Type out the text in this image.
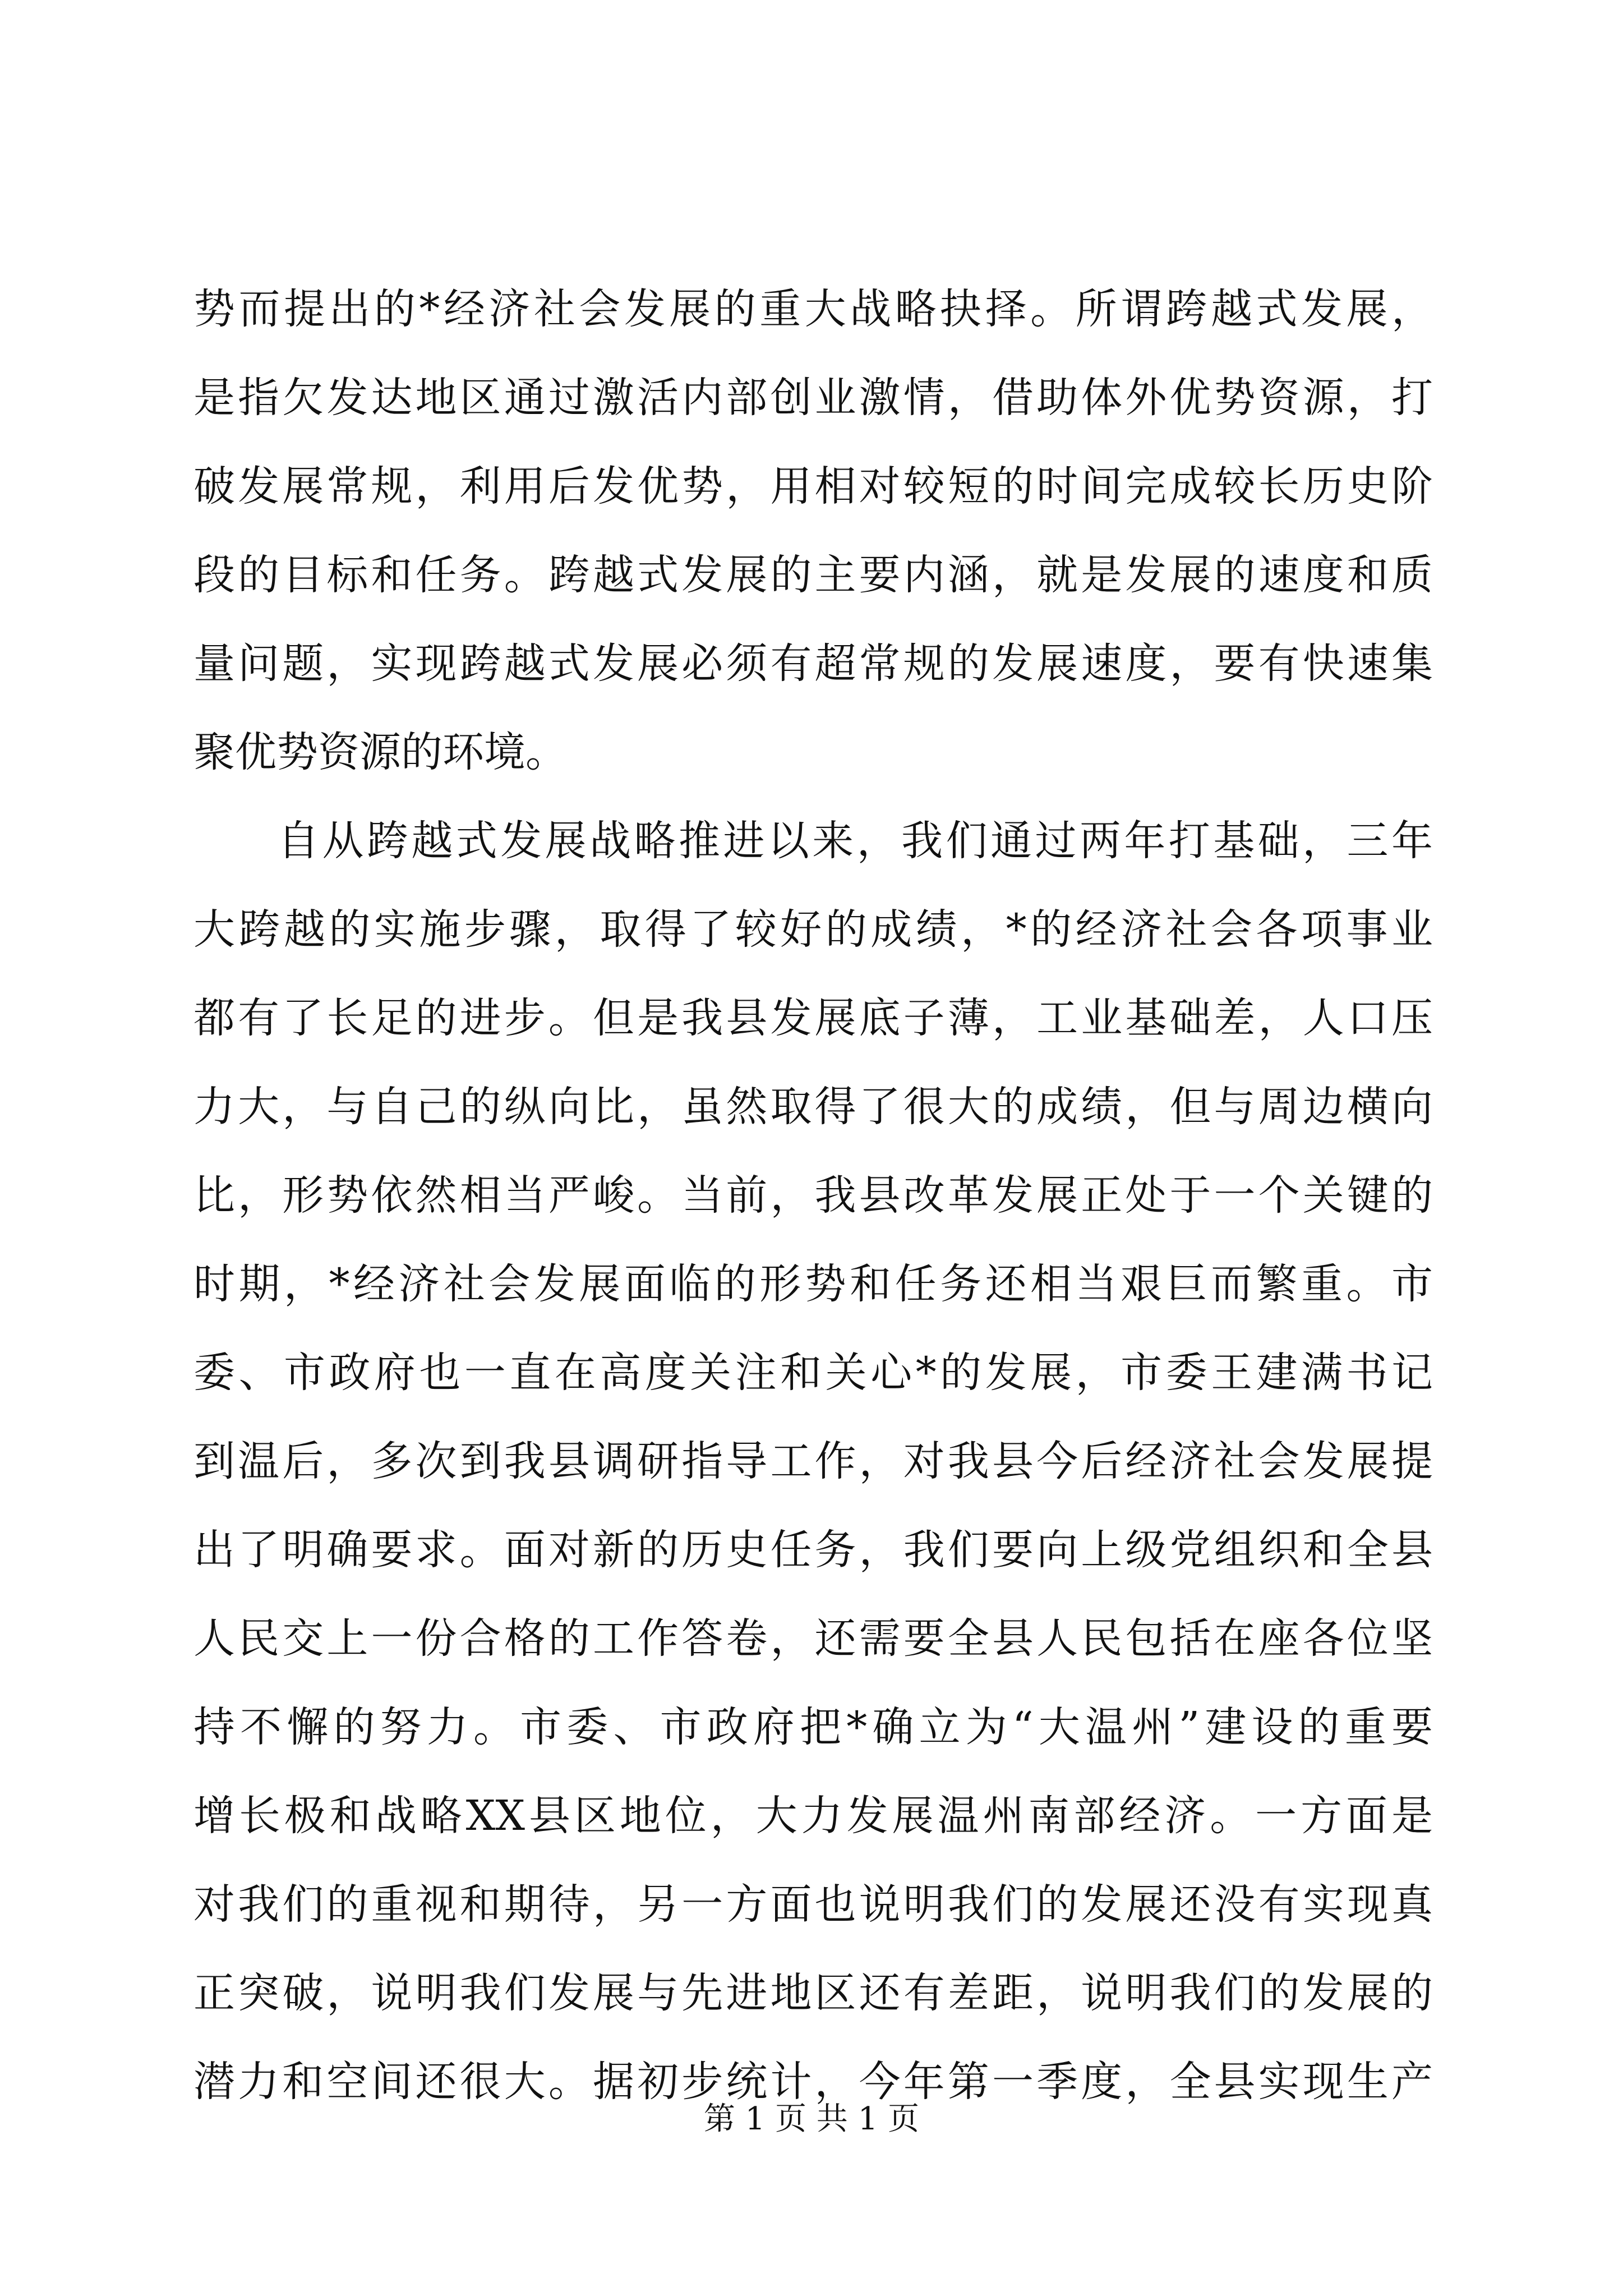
势而提出的*经济社会发展的重大战略抉择。所谓跨越式发展，
是指欠发达地区通过激活内部创业激情，借助体外优势资源，打
破发展常规，利用后发优势，用相对较短的时间完成较长历史阶
段的目标和任务。跨越式发展的主要内涵，就是发展的速度和质
量问题，实现跨越式发展必须有超常规的发展速度，要有快速集
聚优势资源的环境。
自从跨越式发展战略推进以来，我们通过两年打基础，三年
大跨越的实施步骤，取得了较好的成绩，*的经济社会各项事业
都有了长足的进步。但是我县发展底子薄，工业基础差，人口压
力大，与自己的纵向比，虽然取得了很大的成绩，但与周边横向
比，形势依然相当严峻。当前，我县改革发展正处于一个关键的
时期，*经济社会发展面临的形势和任务还相当艰巨而繁重。市
委、市政府也一直在高度关注和关心*的发展，市委王建满书记
到温后，多次到我县调研指导工作，对我县今后经济社会发展提
出了明确要求。面对新的历史任务，我们要向上级党组织和全县
人民交上一份合格的工作答卷，还需要全县人民包括在座各位坚
持不懈的努力。市委、市政府把*确立为“大温州”建设的重要
增长极和战略XX县区地位，大力发展温州南部经济。一方面是
对我们的重视和期待，另一方面也说明我们的发展还没有实现真
正突破，说明我们发展与先进地区还有差距，说明我们的发展的
潜力和空间还很大。据初步统计，今年第一季度，全县实现生产
第 1 页 共 1 页
